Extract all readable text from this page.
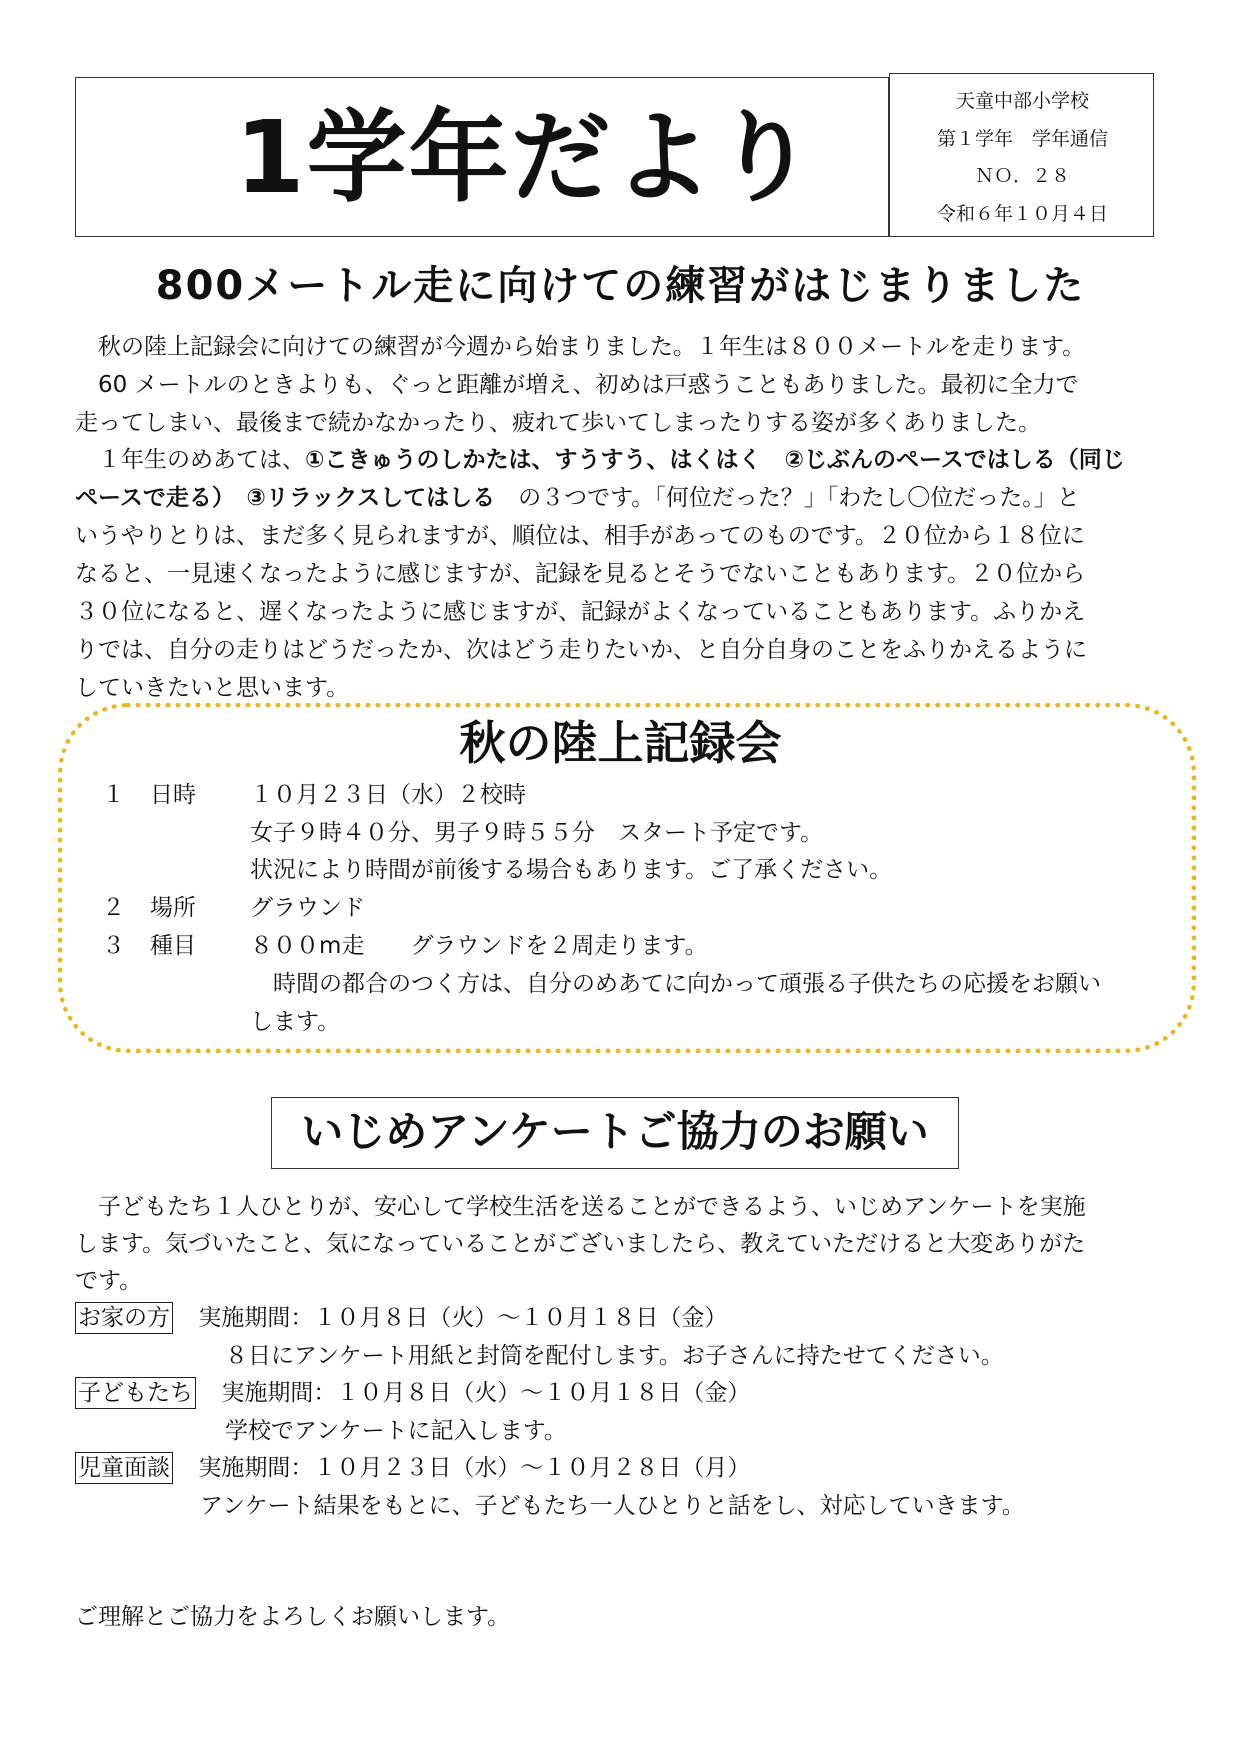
1学年だより	天童中部小学校
第１学年　学年通信
ＮＯ．２８
令和６年１０月４日
800メートル走に向けての練習がはじまりました
　秋の陸上記録会に向けての練習が今週から始まりました。１年生は８００メートルを走ります。
　60 メートルのときよりも、ぐっと距離が増え、初めは戸惑うこともありました。最初に全力で
走ってしまい、最後まで続かなかったり、疲れて歩いてしまったりする姿が多くありました。
　１年生のめあては、①こきゅうのしかたは、すうすう、はくはく　②じぶんのペースではしる（同じ
ペースで走る）　③リラックスしてはしる　の３つです。「何位だった？」「わたし〇位だった。」と
いうやりとりは、まだ多く見られますが、順位は、相手があってのものです。２０位から１８位に
なると、一見速くなったように感じますが、記録を見るとそうでないこともあります。２０位から
３０位になると、遅くなったように感じますが、記録がよくなっていることもあります。ふりかえ
りでは、自分の走りはどうだったか、次はどう走りたいか、と自分自身のことをふりかえるように
していきたいと思います。
秋の陸上記録会
１ 日時 １０月２３日（水）２校時
女子９時４０分、男子９時５５分　スタート予定です。
状況により時間が前後する場合もあります。ご了承ください。
２ 場所 グラウンド
３ 種目 ８００m走　　グラウンドを２周走ります。
　時間の都合のつく方は、自分のめあてに向かって頑張る子供たちの応援をお願い
します。
いじめアンケートご協力のお願い
　子どもたち１人ひとりが、安心して学校生活を送ることができるよう、いじめアンケートを実施
します。気づいたこと、気になっていることがございましたら、教えていただけると大変ありがた
です。
お家の方 実施期間：１０月８日（火）～１０月１８日（金）
８日にアンケート用紙と封筒を配付します。お子さんに持たせてください。
子どもたち 実施期間：１０月８日（火）～１０月１８日（金）
学校でアンケートに記入します。
児童面談 実施期間：１０月２３日（水）～１０月２８日（月）
アンケート結果をもとに、子どもたち一人ひとりと話をし、対応していきます。
ご理解とご協力をよろしくお願いします。
